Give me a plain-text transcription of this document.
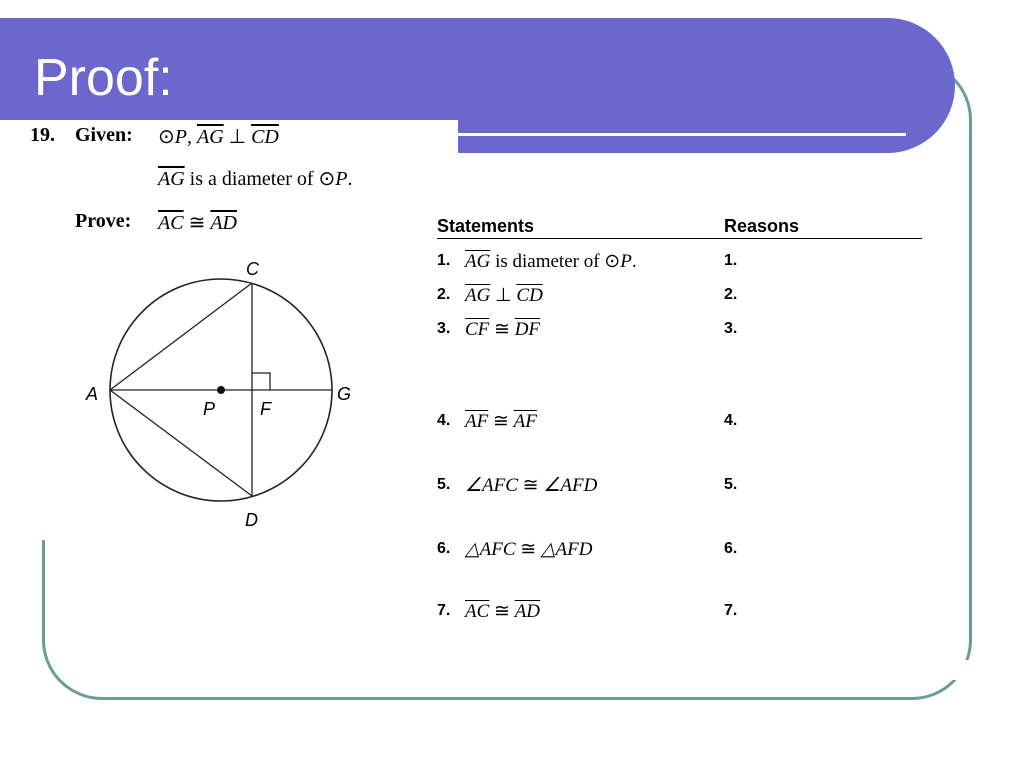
Proof:
19. Given: ⊙P, $\overline{AG}$ ⊥ $\overline{CD}$
$\overline{AG}$ is a diameter of ⊙P.
Prove: $\overline{AC}$ ≅ $\overline{AD}$
C
A	G
D
P F
Statements	Reasons
1. $\overline{AG}$ is diameter of ⊙P.	1.
2. $\overline{AG}$ ⊥ $\overline{CD}$	2.
3. $\overline{CF}$ ≅ $\overline{DF}$	3.
4. $\overline{AF}$ ≅ $\overline{AF}$	4.
5. ∠AFC ≅ ∠AFD	5.
6. △AFC ≅ △AFD	6.
7. $\overline{AC}$ ≅ $\overline{AD}$	7.
